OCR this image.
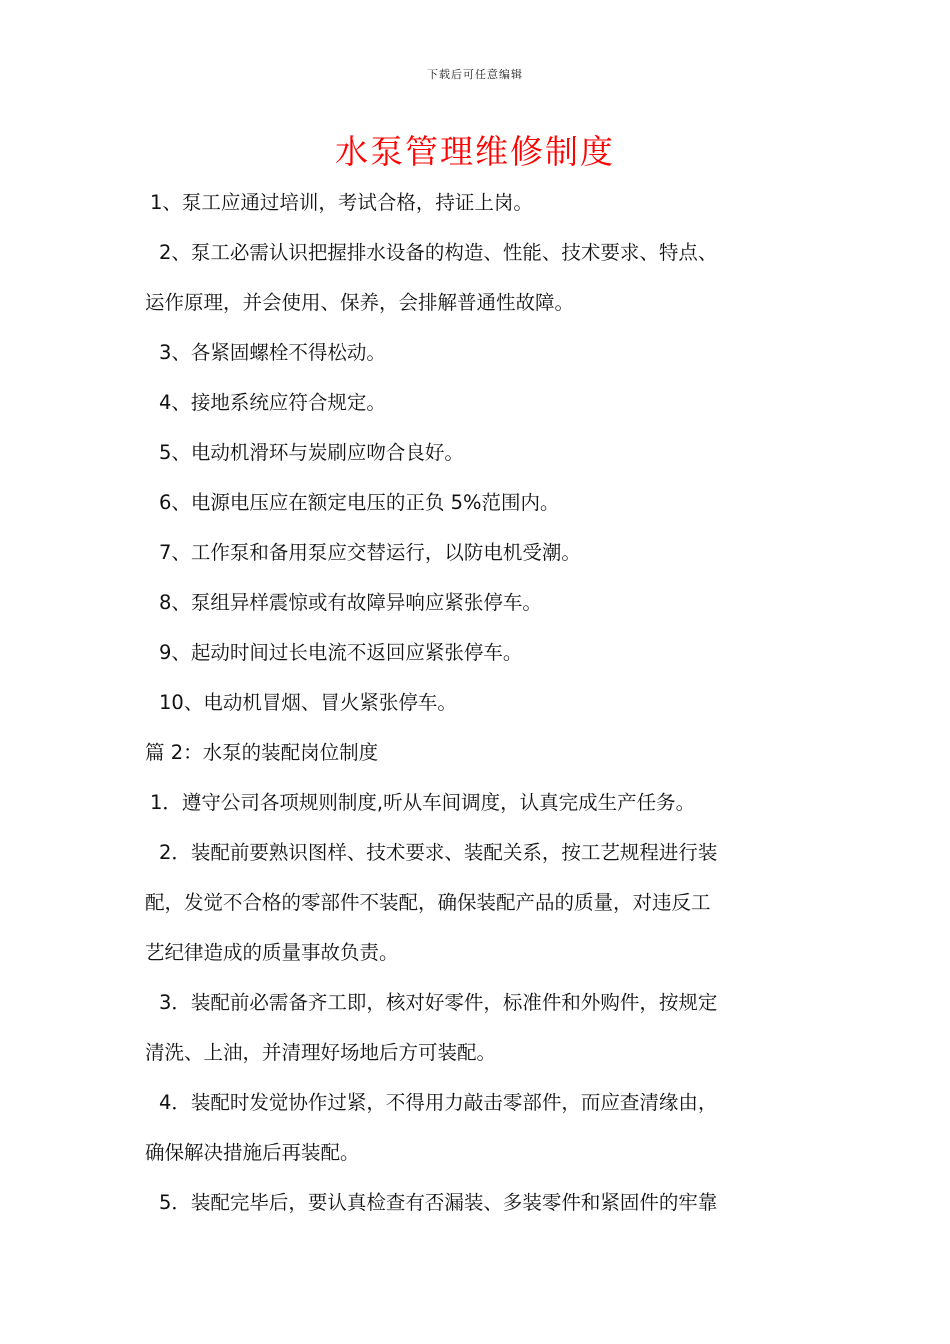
下载后可任意编辑
水泵管理维修制度
1、泵工应通过培训，考试合格，持证上岗。
2、泵工必需认识把握排水设备的构造、性能、技术要求、特点、
运作原理，并会使用、保养，会排解普通性故障。
3、各紧固螺栓不得松动。
4、接地系统应符合规定。
5、电动机滑环与炭刷应吻合良好。
6、电源电压应在额定电压的正负 5%范围内。
7、工作泵和备用泵应交替运行，以防电机受潮。
8、泵组异样震惊或有故障异响应紧张停车。
9、起动时间过长电流不返回应紧张停车。
10、电动机冒烟、冒火紧张停车。
篇 2：水泵的装配岗位制度
1．遵守公司各项规则制度,听从车间调度，认真完成生产任务。
2．装配前要熟识图样、技术要求、装配关系，按工艺规程进行装
配，发觉不合格的零部件不装配，确保装配产品的质量，对违反工
艺纪律造成的质量事故负责。
3．装配前必需备齐工即，核对好零件，标准件和外购件，按规定
清洗、上油，并清理好场地后方可装配。
4．装配时发觉协作过紧，不得用力敲击零部件，而应查清缘由，
确保解决措施后再装配。
5．装配完毕后，要认真检查有否漏装、多装零件和紧固件的牢靠
